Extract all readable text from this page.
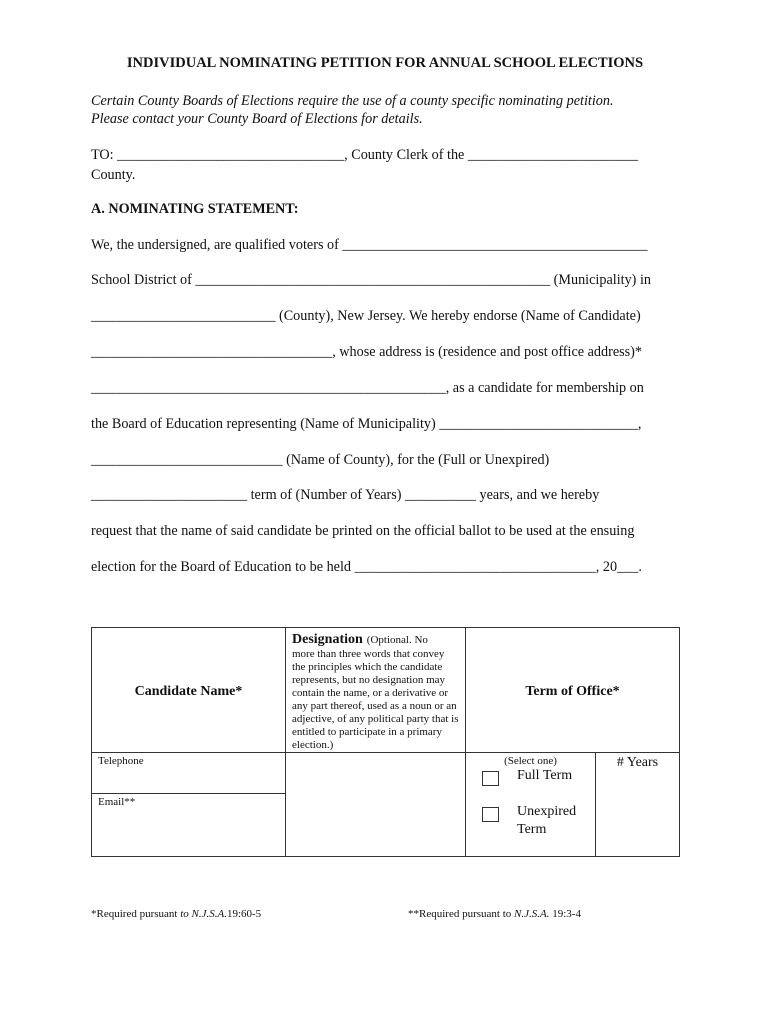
INDIVIDUAL NOMINATING PETITION FOR ANNUAL SCHOOL ELECTIONS
Certain County Boards of Elections require the use of a county specific nominating petition.
Please contact your County Board of Elections for details.
TO: ________________________________, County Clerk of the ________________________
County.
A. NOMINATING STATEMENT:
We, the undersigned, are qualified voters of ___________________________________________
School District of __________________________________________________ (Municipality) in
__________________________ (County), New Jersey. We hereby endorse (Name of Candidate)
__________________________________, whose address is (residence and post office address)*
__________________________________________________, as a candidate for membership on
the Board of Education representing (Name of Municipality) ____________________________,
___________________________ (Name of County), for the (Full or Unexpired)
______________________ term of (Number of Years) __________ years, and we hereby
request that the name of said candidate be printed on the official ballot to be used at the ensuing
election for the Board of Education to be held __________________________________, 20___.
Candidate Name*
Designation (Optional. No
more than three words that convey the principles which the candidate represents, but no designation may contain the name, or a derivative or any part thereof, used as a noun or an adjective, of any political party that is entitled to participate in a primary election.)
Term of Office*
Telephone
Email**
(Select one)
Full Term
Unexpired
Term
# Years
*Required pursuant to N.J.S.A.19:60-5	**Required pursuant to N.J.S.A. 19:3-4
